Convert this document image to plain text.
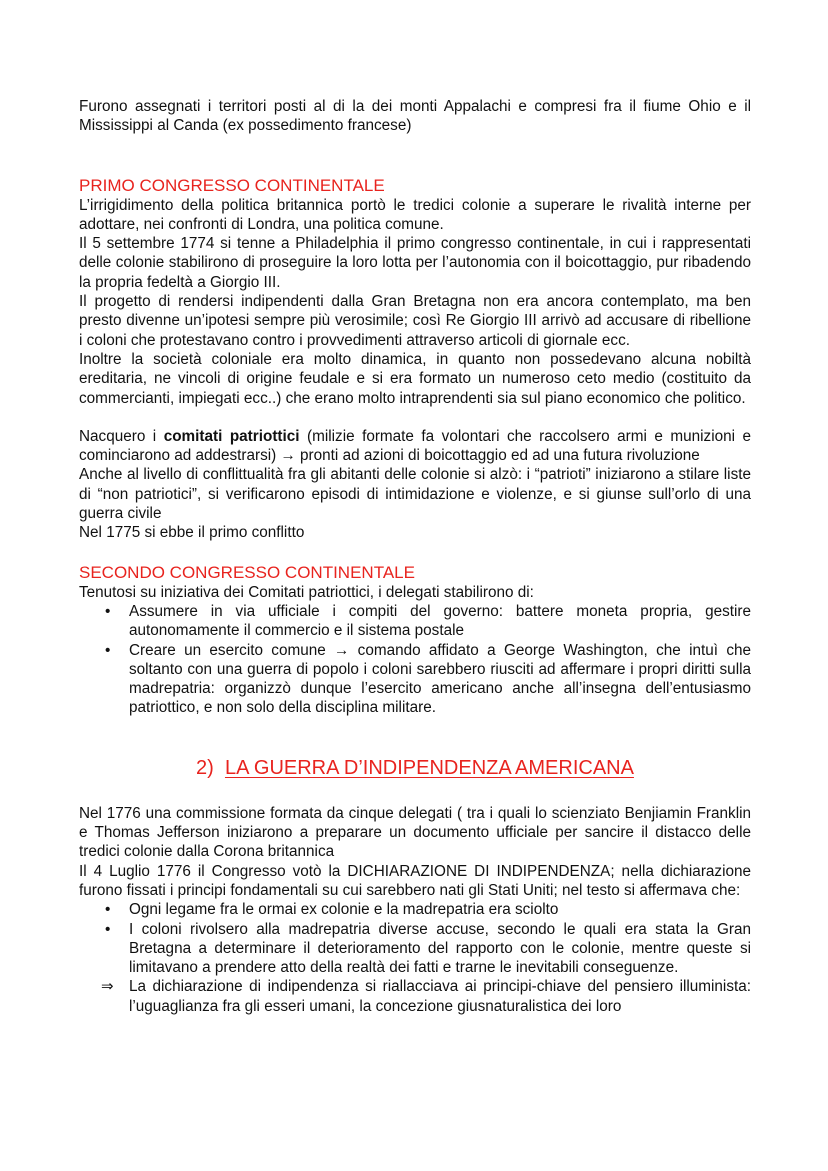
Furono assegnati i territori posti al di la dei monti Appalachi e compresi fra il fiume Ohio e il Mississippi al Canda (ex possedimento francese)

PRIMO CONGRESSO CONTINENTALE

L’irrigidimento della politica britannica portò le tredici colonie a superare le rivalità interne per adottare, nei confronti di Londra, una politica comune.

Il 5 settembre 1774 si tenne a Philadelphia il primo congresso continentale, in cui i rappresentati delle colonie stabilirono di proseguire la loro lotta per l’autonomia con il boicottaggio, pur ribadendo la propria fedeltà a Giorgio III.

Il progetto di rendersi indipendenti dalla Gran Bretagna non era ancora contemplato, ma ben presto divenne un’ipotesi sempre più verosimile; così Re Giorgio III arrivò ad accusare di ribellione i coloni che protestavano contro i provvedimenti attraverso articoli di giornale ecc.

Inoltre la società coloniale era molto dinamica, in quanto non possedevano alcuna nobiltà ereditaria, ne vincoli di origine feudale e si era formato un numeroso ceto medio (costituito da commercianti, impiegati ecc..) che erano molto intraprendenti sia sul piano economico che politico.

Nacquero i comitati patriottici (milizie formate fa volontari che raccolsero armi e munizioni e cominciarono ad addestrarsi) → pronti ad azioni di boicottaggio ed ad una futura rivoluzione

Anche al livello di conflittualità fra gli abitanti delle colonie si alzò: i “patrioti” iniziarono a stilare liste di “non patriotici”, si verificarono episodi di intimidazione e violenze, e si giunse sull’orlo di una guerra civile

Nel 1775 si ebbe il primo conflitto

SECONDO CONGRESSO CONTINENTALE

Tenutosi su iniziativa dei Comitati patriottici, i delegati stabilirono di:

•	Assumere in via ufficiale i compiti del governo: battere moneta propria, gestire autonomamente il commercio e il sistema postale
•	Creare un esercito comune → comando affidato a George Washington, che intuì che soltanto con una guerra di popolo i coloni sarebbero riusciti ad affermare i propri diritti sulla madrepatria: organizzò dunque l’esercito americano anche all’insegna dell’entusiasmo patriottico, e non solo della disciplina militare.
2) LA GUERRA D’INDIPENDENZA AMERICANA

Nel 1776 una commissione formata da cinque delegati ( tra i quali lo scienziato Benjiamin Franklin e Thomas Jefferson iniziarono a preparare un documento ufficiale per sancire il distacco delle tredici colonie dalla Corona britannica

Il 4 Luglio 1776 il Congresso votò la DICHIARAZIONE DI INDIPENDENZA; nella dichiarazione furono fissati i principi fondamentali su cui sarebbero nati gli Stati Uniti; nel testo si affermava che:

•	Ogni legame fra le ormai ex colonie e la madrepatria era sciolto
•	I coloni rivolsero alla madrepatria diverse accuse, secondo le quali era stata la Gran Bretagna a determinare il deterioramento del rapporto con le colonie, mentre queste si limitavano a prendere atto della realtà dei fatti e trarne le inevitabili conseguenze.
⇒	La dichiarazione di indipendenza si riallacciava ai principi-chiave del pensiero illuminista: l’uguaglianza fra gli esseri umani, la concezione giusnaturalistica dei loro
